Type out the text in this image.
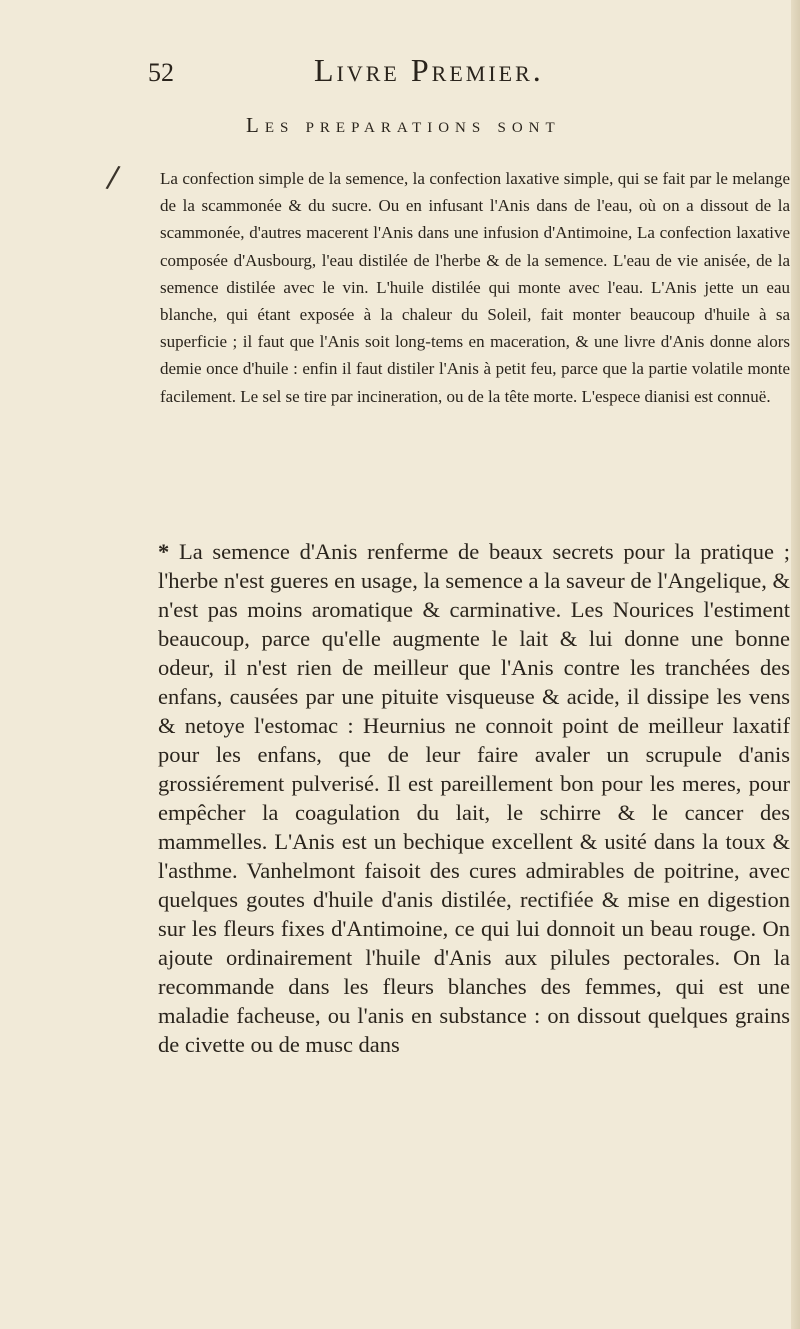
52	Livre Premier.
Les preparations sont
/ La confection simple de la semence, la confection laxative simple, qui se fait par le melange de la scammonée & du sucre. Ou en infusant l'Anis dans de l'eau, où on a dissout de la scammonée, d'autres macerent l'Anis dans une infusion d'Antimoine, La confection laxative composée d'Ausbourg, l'eau distilée de l'herbe & de la semence. L'eau de vie anisée, de la semence distilée avec le vin. L'huile distilée qui monte avec l'eau. L'Anis jette un eau blanche, qui étant exposée à la chaleur du Soleil, fait monter beaucoup d'huile à sa superficie ; il faut que l'Anis soit long-tems en maceration, & une livre d'Anis donne alors demie once d'huile : enfin il faut distiler l'Anis à petit feu, parce que la partie volatile monte facilement. Le sel se tire par incineration, ou de la tête morte. L'espece dianisi est connuë.

* La semence d'Anis renferme de beaux secrets pour la pratique ; l'herbe n'est gueres en usage, la semence a la saveur de l'Angelique, & n'est pas moins aromatique & carminative. Les Nourices l'estiment beaucoup, parce qu'elle augmente le lait & lui donne une bonne odeur, il n'est rien de meilleur que l'Anis contre les tranchées des enfans, causées par une pituite visqueuse & acide, il dissipe les vens & netoye l'estomac : Heurnius ne connoit point de meilleur laxatif pour les enfans, que de leur faire avaler un scrupule d'anis grossiérement pulverisé. Il est pareillement bon pour les meres, pour empêcher la coagulation du lait, le schirre & le cancer des mammelles. L'Anis est un bechique excellent & usité dans la toux & l'asthme. Vanhelmont faisoit des cures admirables de poitrine, avec quelques goutes d'huile d'anis distilée, rectifiée & mise en digestion sur les fleurs fixes d'Antimoine, ce qui lui donnoit un beau rouge. On ajoute ordinairement l'huile d'Anis aux pilules pectorales. On la recommande dans les fleurs blanches des femmes, qui est une maladie facheuse, ou l'anis en substance : on dissout quelques grains de civette ou de musc dans
